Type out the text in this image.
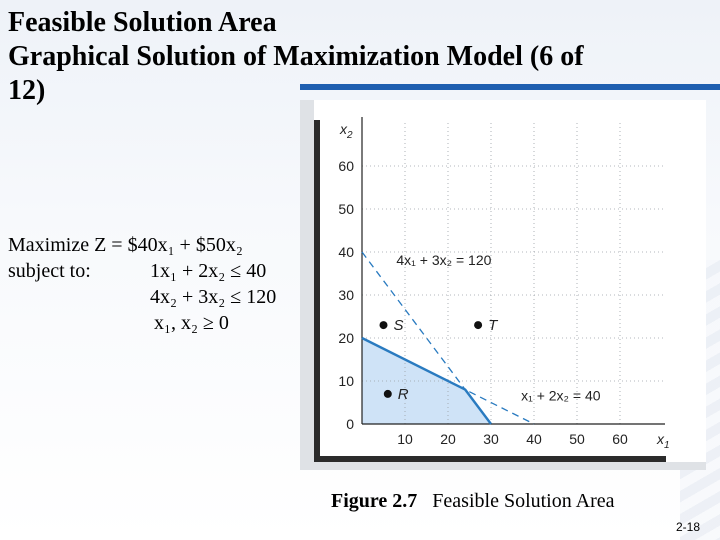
Feasible Solution Area
Graphical Solution of Maximization Model (6 of
12)
0
10
20
30
40
50
60
10 20 30 40 50 60
$x_2$
$x_1$
4x₁ + 3x₂ = 120
x₁ + 2x₂ = 40
S	T
R
Maximize Z = $40x₁ + $50x₂
subject to:	1x₁ + 2x₂ ≤ 40
4x₂ + 3x₂ ≤ 120
x₁, x₂ ≥ 0
Figure 2.7 Feasible Solution Area
2-18
